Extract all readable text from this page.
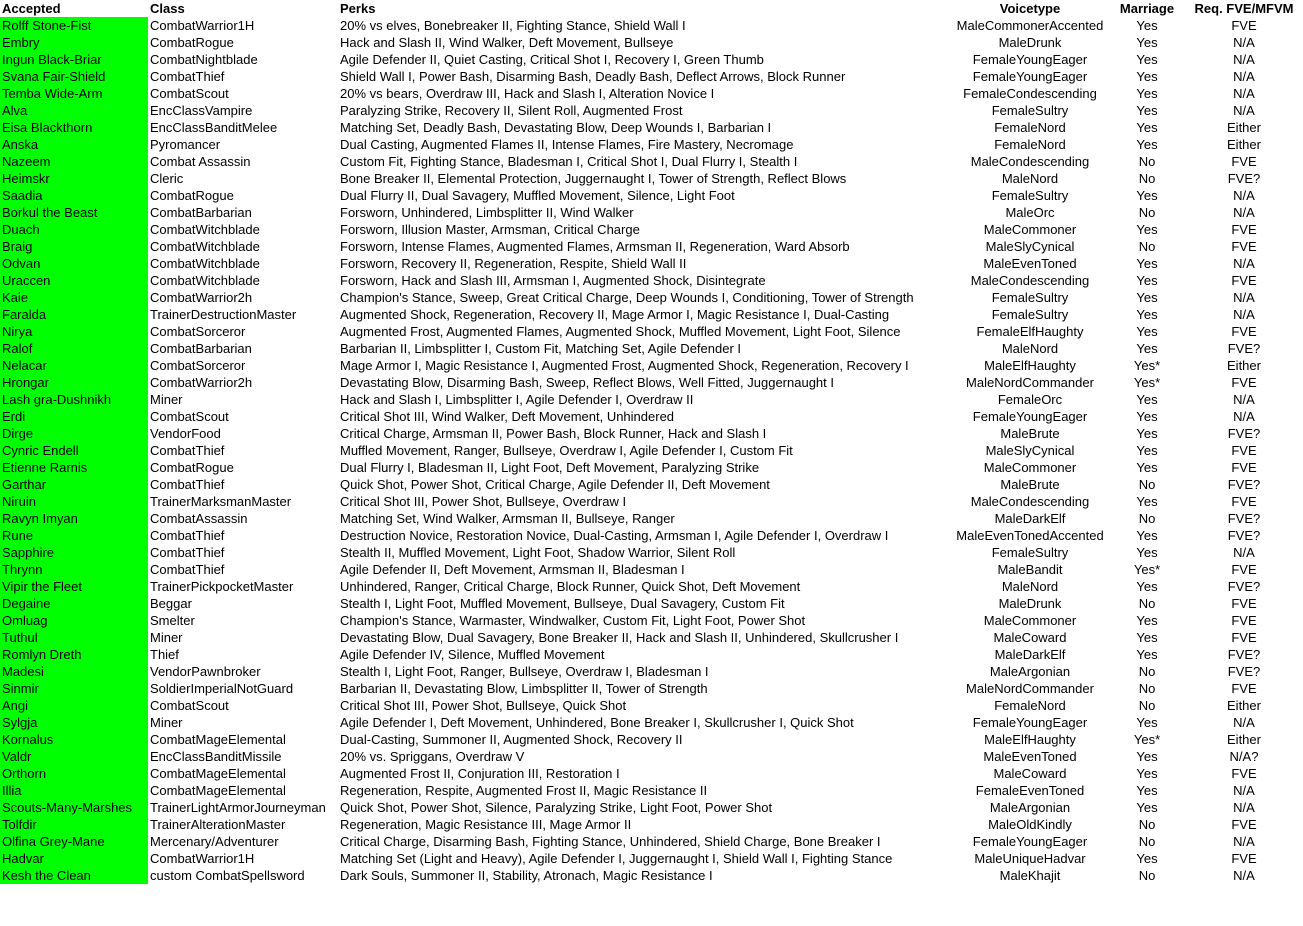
Accepted	Class	Perks	Voicetype	Marriage	Req. FVE/MFVM
Rolff Stone-Fist	CombatWarrior1H	20% vs elves, Bonebreaker II, Fighting Stance, Shield Wall I	MaleCommonerAccented	Yes	FVE
Embry	CombatRogue	Hack and Slash II, Wind Walker, Deft Movement, Bullseye	MaleDrunk	Yes	N/A
Ingun Black-Briar	CombatNightblade	Agile Defender II, Quiet Casting, Critical Shot I, Recovery I, Green Thumb	FemaleYoungEager	Yes	N/A
Svana Fair-Shield	CombatThief	Shield Wall I, Power Bash, Disarming Bash, Deadly Bash, Deflect Arrows, Block Runner	FemaleYoungEager	Yes	N/A
Temba Wide-Arm	CombatScout	20% vs bears, Overdraw III, Hack and Slash I, Alteration Novice I	FemaleCondescending	Yes	N/A
Alva	EncClassVampire	Paralyzing Strike, Recovery II, Silent Roll, Augmented Frost	FemaleSultry	Yes	N/A
Eisa Blackthorn	EncClassBanditMelee	Matching Set, Deadly Bash, Devastating Blow, Deep Wounds I, Barbarian I	FemaleNord	Yes	Either
Anska	Pyromancer	Dual Casting, Augmented Flames II, Intense Flames, Fire Mastery, Necromage	FemaleNord	Yes	Either
Nazeem	Combat Assassin	Custom Fit, Fighting Stance, Bladesman I, Critical Shot I, Dual Flurry I, Stealth I	MaleCondescending	No	FVE
Heimskr	Cleric	Bone Breaker II, Elemental Protection, Juggernaught I, Tower of Strength, Reflect Blows	MaleNord	No	FVE?
Saadia	CombatRogue	Dual Flurry II, Dual Savagery, Muffled Movement, Silence, Light Foot	FemaleSultry	Yes	N/A
Borkul the Beast	CombatBarbarian	Forsworn, Unhindered, Limbsplitter II, Wind Walker	MaleOrc	No	N/A
Duach	CombatWitchblade	Forsworn, Illusion Master, Armsman, Critical Charge	MaleCommoner	Yes	FVE
Braig	CombatWitchblade	Forsworn, Intense Flames, Augmented Flames, Armsman II, Regeneration, Ward Absorb	MaleSlyCynical	No	FVE
Odvan	CombatWitchblade	Forsworn, Recovery II, Regeneration, Respite, Shield Wall II	MaleEvenToned	Yes	N/A
Uraccen	CombatWitchblade	Forsworn, Hack and Slash III, Armsman I, Augmented Shock, Disintegrate	MaleCondescending	Yes	FVE
Kaie	CombatWarrior2h	Champion's Stance, Sweep, Great Critical Charge, Deep Wounds I, Conditioning, Tower of Strength	FemaleSultry	Yes	N/A
Faralda	TrainerDestructionMaster	Augmented Shock, Regeneration, Recovery II, Mage Armor I, Magic Resistance I, Dual-Casting	FemaleSultry	Yes	N/A
Nirya	CombatSorceror	Augmented Frost, Augmented Flames, Augmented Shock, Muffled Movement, Light Foot, Silence	FemaleElfHaughty	Yes	FVE
Ralof	CombatBarbarian	Barbarian II, Limbsplitter I, Custom Fit, Matching Set, Agile Defender I	MaleNord	Yes	FVE?
Nelacar	CombatSorceror	Mage Armor I, Magic Resistance I, Augmented Frost, Augmented Shock, Regeneration, Recovery I	MaleElfHaughty	Yes*	Either
Hrongar	CombatWarrior2h	Devastating Blow, Disarming Bash, Sweep, Reflect Blows, Well Fitted, Juggernaught I	MaleNordCommander	Yes*	FVE
Lash gra-Dushnikh	Miner	Hack and Slash I, Limbsplitter I, Agile Defender I, Overdraw II	FemaleOrc	Yes	N/A
Erdi	CombatScout	Critical Shot III, Wind Walker, Deft Movement, Unhindered	FemaleYoungEager	Yes	N/A
Dirge	VendorFood	Critical Charge, Armsman II, Power Bash, Block Runner, Hack and Slash I	MaleBrute	Yes	FVE?
Cynric Endell	CombatThief	Muffled Movement, Ranger, Bullseye, Overdraw I, Agile Defender I, Custom Fit	MaleSlyCynical	Yes	FVE
Etienne Rarnis	CombatRogue	Dual Flurry I, Bladesman II, Light Foot, Deft Movement, Paralyzing Strike	MaleCommoner	Yes	FVE
Garthar	CombatThief	Quick Shot, Power Shot, Critical Charge, Agile Defender II, Deft Movement	MaleBrute	No	FVE?
Niruin	TrainerMarksmanMaster	Critical Shot III, Power Shot, Bullseye, Overdraw I	MaleCondescending	Yes	FVE
Ravyn Imyan	CombatAssassin	Matching Set, Wind Walker, Armsman II, Bullseye, Ranger	MaleDarkElf	No	FVE?
Rune	CombatThief	Destruction Novice, Restoration Novice, Dual-Casting, Armsman I, Agile Defender I, Overdraw I	MaleEvenTonedAccented	Yes	FVE?
Sapphire	CombatThief	Stealth II, Muffled Movement, Light Foot, Shadow Warrior, Silent Roll	FemaleSultry	Yes	N/A
Thrynn	CombatThief	Agile Defender II, Deft Movement, Armsman II, Bladesman I	MaleBandit	Yes*	FVE
Vipir the Fleet	TrainerPickpocketMaster	Unhindered, Ranger, Critical Charge, Block Runner, Quick Shot, Deft Movement	MaleNord	Yes	FVE?
Degaine	Beggar	Stealth I, Light Foot, Muffled Movement, Bullseye, Dual Savagery, Custom Fit	MaleDrunk	No	FVE
Omluag	Smelter	Champion's Stance, Warmaster, Windwalker, Custom Fit, Light Foot, Power Shot	MaleCommoner	Yes	FVE
Tuthul	Miner	Devastating Blow, Dual Savagery, Bone Breaker II, Hack and Slash II, Unhindered, Skullcrusher I	MaleCoward	Yes	FVE
Romlyn Dreth	Thief	Agile Defender IV, Silence, Muffled Movement	MaleDarkElf	Yes	FVE?
Madesi	VendorPawnbroker	Stealth I, Light Foot, Ranger, Bullseye, Overdraw I, Bladesman I	MaleArgonian	No	FVE?
Sinmir	SoldierImperialNotGuard	Barbarian II, Devastating Blow, Limbsplitter II, Tower of Strength	MaleNordCommander	No	FVE
Angi	CombatScout	Critical Shot III, Power Shot, Bullseye, Quick Shot	FemaleNord	No	Either
Sylgja	Miner	Agile Defender I, Deft Movement, Unhindered, Bone Breaker I, Skullcrusher I, Quick Shot	FemaleYoungEager	Yes	N/A
Kornalus	CombatMageElemental	Dual-Casting, Summoner II, Augmented Shock, Recovery II	MaleElfHaughty	Yes*	Either
Valdr	EncClassBanditMissile	20% vs. Spriggans, Overdraw V	MaleEvenToned	Yes	N/A?
Orthorn	CombatMageElemental	Augmented Frost II, Conjuration III, Restoration I	MaleCoward	Yes	FVE
Illia	CombatMageElemental	Regeneration, Respite, Augmented Frost II, Magic Resistance II	FemaleEvenToned	Yes	N/A
Scouts-Many-Marshes	TrainerLightArmorJourneyman	Quick Shot, Power Shot, Silence, Paralyzing Strike, Light Foot, Power Shot	MaleArgonian	Yes	N/A
Tolfdir	TrainerAlterationMaster	Regeneration, Magic Resistance III, Mage Armor II	MaleOldKindly	No	FVE
Olfina Grey-Mane	Mercenary/Adventurer	Critical Charge, Disarming Bash, Fighting Stance, Unhindered, Shield Charge, Bone Breaker I	FemaleYoungEager	No	N/A
Hadvar	CombatWarrior1H	Matching Set (Light and Heavy), Agile Defender I, Juggernaught I, Shield Wall I, Fighting Stance	MaleUniqueHadvar	Yes	FVE
Kesh the Clean	custom CombatSpellsword	Dark Souls, Summoner II, Stability, Atronach, Magic Resistance I	MaleKhajit	No	N/A
